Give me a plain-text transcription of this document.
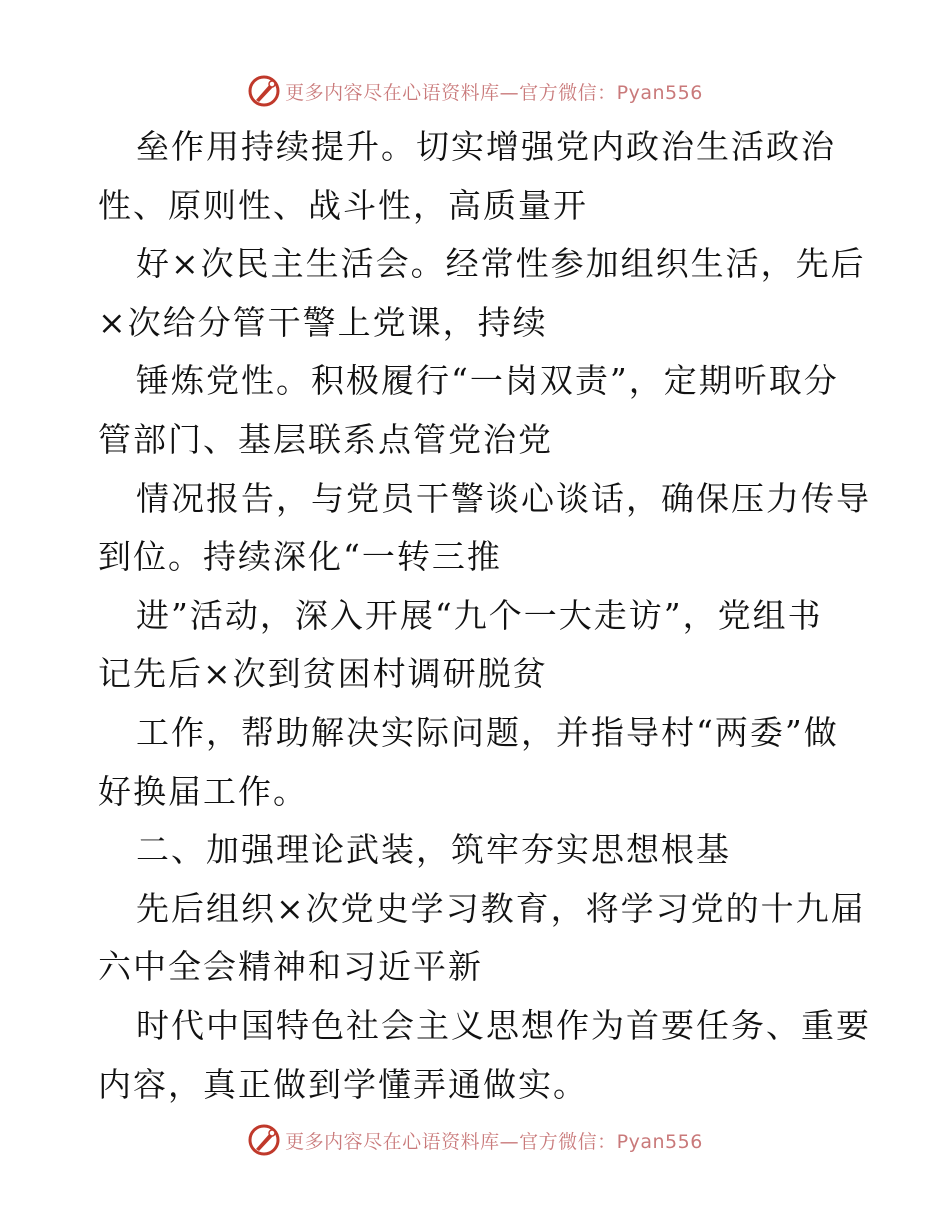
更多内容尽在心语资料库—官方微信：Pyan556

垒作用持续提升。切实增强党内政治生活政治

性、原则性、战斗性，高质量开

好×次民主生活会。经常性参加组织生活，先后

×次给分管干警上党课，持续

锤炼党性。积极履行“一岗双责”，定期听取分

管部门、基层联系点管党治党

情况报告，与党员干警谈心谈话，确保压力传导

到位。持续深化“一转三推

进”活动，深入开展“九个一大走访”，党组书

记先后×次到贫困村调研脱贫

工作，帮助解决实际问题，并指导村“两委”做

好换届工作。

二、加强理论武装，筑牢夯实思想根基

先后组织×次党史学习教育，将学习党的十九届

六中全会精神和习近平新

时代中国特色社会主义思想作为首要任务、重要

内容，真正做到学懂弄通做实。

更多内容尽在心语资料库—官方微信：Pyan556
